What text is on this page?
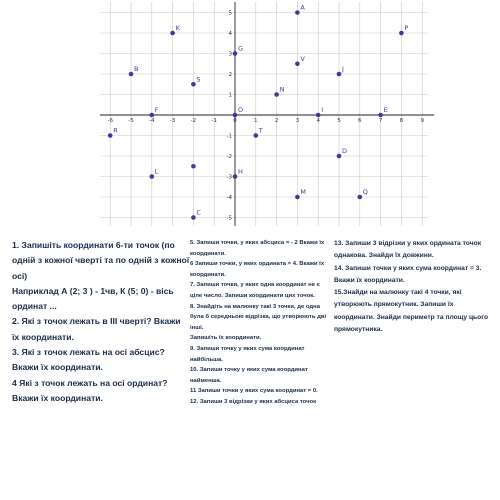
-6	-5	-4	-3	-2	-1	0	1	2	3	4	5	6	7	8	9
5
4
3
2
1
-1
-2
-3
-4
-5
A
K	P
G
V
B	J
S
N
O
F	I	E
R	T
D
L	H
M	Q
C

1. Запишіть координати 6-ти точок (по одній з кожної чверті та по одній з кожної осі)

Наприклад А (2; 3 ) - 1чв, К (5; 0) - вісь ординат ...

2. Які з точок лежать в ІІІ чверті? Вкажи їх координати.

3. Які з точок лежать на осі абсцис? Вкажи їх координати.

4 Які з точок лежать на осі ординат? Вкажи їх координати.

5. Запиши точки, у яких абсциса = - 2 Вкажи їх координати.

6 Запиши точки, у яких ордината = 4. Вкажи їх координати.

7. Запиши точки, у яких одна координат не є ціле число. Запиши координати цих точок.

8. Знайдіть на малюнку такі 3 точки, де одна була б середньою відрізка, що утворюють дві інші.

Запишіть їх координати.

9. Запиши точку у яких сума координат найбільша.

10. Запиши точку у яких сума координат найменша.

11 Запиши точки у яких сума координат = 0.

12. Запиши 3 відрізки у яких абсциса точок

13. Запиши 3 відрізки у яких ордината точок однакова. Знайди їх довжини.

14. Запиши точки у яких сума координат = 3. Вкажи їх координати.

15.Знайди на малюнку такі 4 точки, які утворюють прямокутник. Запиши їх координати. Знайди периметр та площу цього прямокутника.
